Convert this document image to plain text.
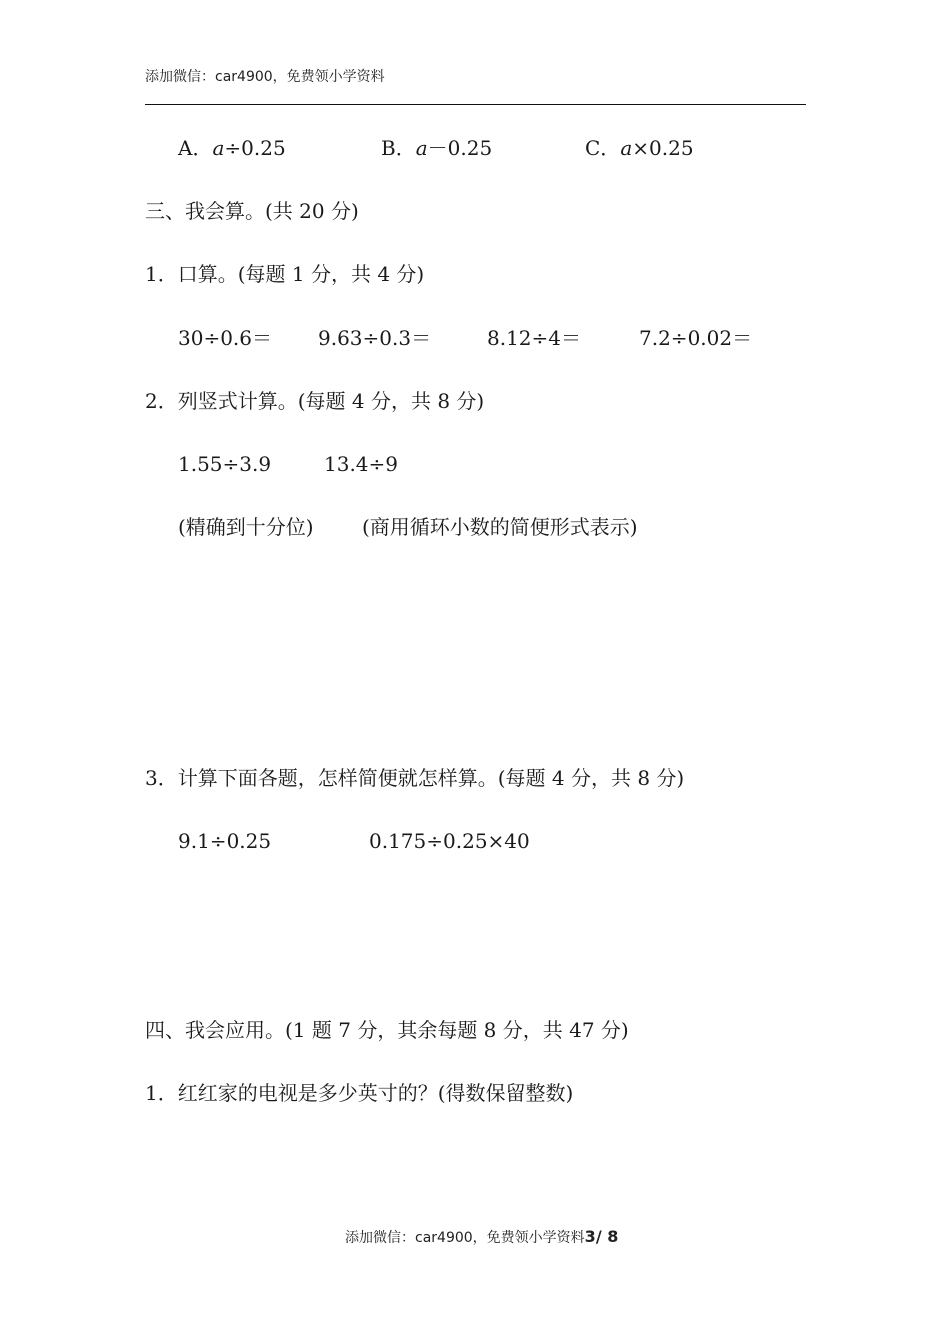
添加微信：car4900，免费领小学资料
A．a÷0.25	B．a－0.25	C．a×0.25
三、我会算。(共 20 分)
1．口算。(每题 1 分，共 4 分)
30÷0.6＝ 9.63÷0.3＝	8.12÷4＝	7.2÷0.02＝
2．列竖式计算。(每题 4 分，共 8 分)
1.55÷3.9	13.4÷9
(精确到十分位) (商用循环小数的简便形式表示)
3．计算下面各题，怎样简便就怎样算。(每题 4 分，共 8 分)
9.1÷0.25	0.175÷0.25×40
四、我会应用。(1 题 7 分，其余每题 8 分，共 47 分)
1．红红家的电视是多少英寸的？(得数保留整数)
添加微信：car4900，免费领小学资料3/ 8
